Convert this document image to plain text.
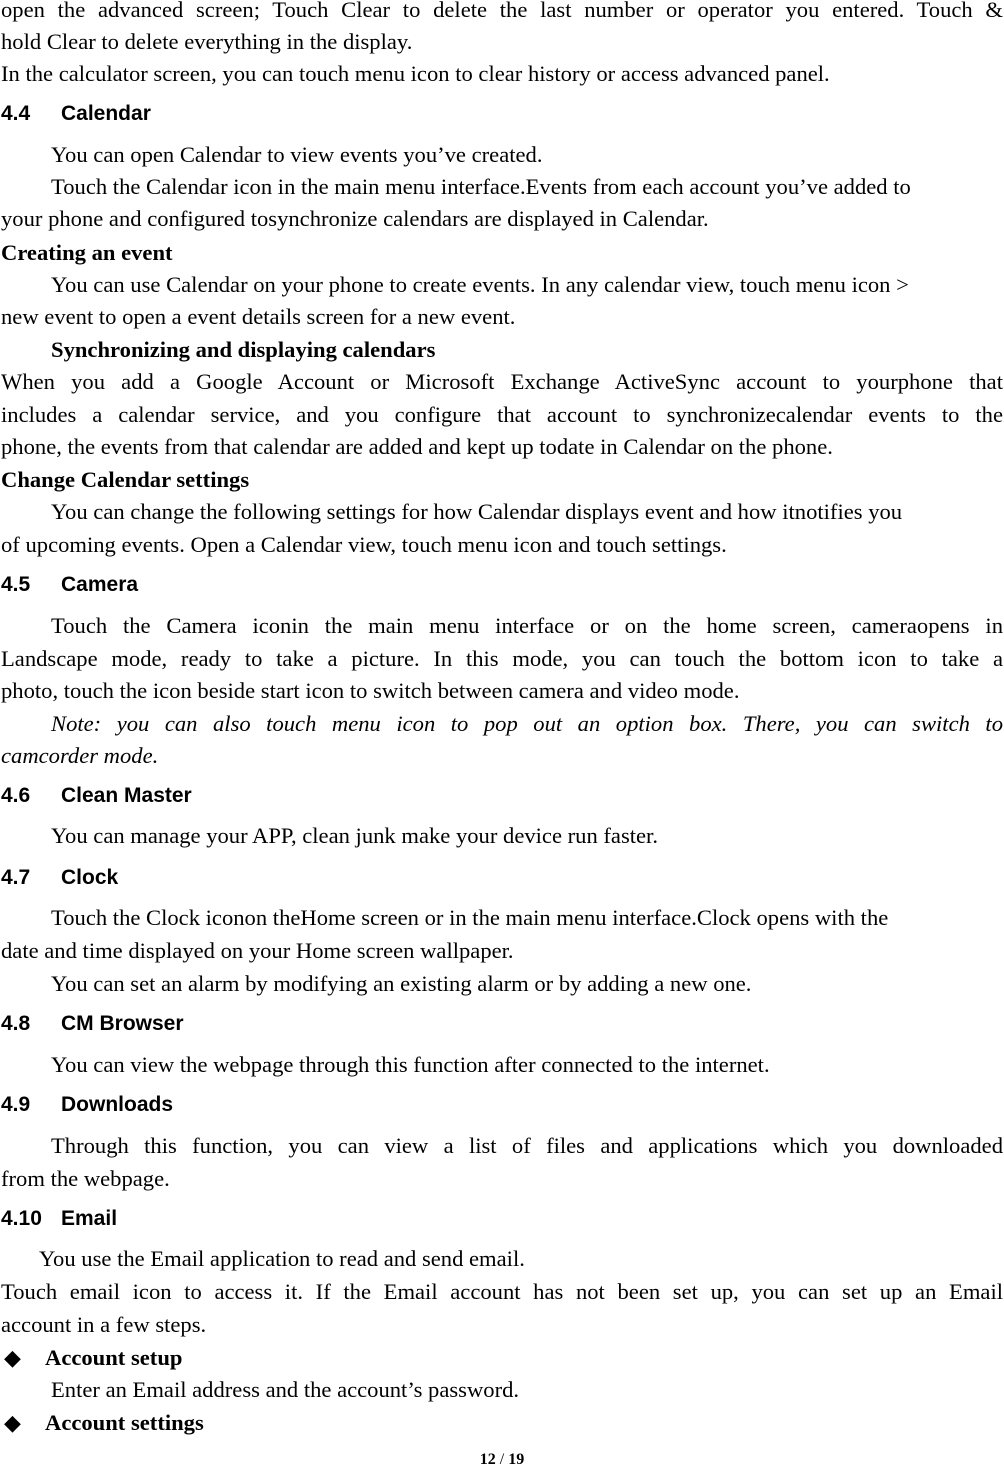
open the advanced screen; Touch Clear to delete the last number or operator you entered. Touch &
hold Clear to delete everything in the display.
In the calculator screen, you can touch menu icon to clear history or access advanced panel.
4.4 Calendar
You can open Calendar to view events you’ve created.
Touch the Calendar icon in the main menu interface.Events from each account you’ve added to
your phone and configured tosynchronize calendars are displayed in Calendar.
Creating an event
You can use Calendar on your phone to create events. In any calendar view, touch menu icon >
new event to open a event details screen for a new event.
Synchronizing and displaying calendars
When you add a Google Account or Microsoft Exchange ActiveSync account to yourphone that
includes a calendar service, and you configure that account to synchronizecalendar events to the
phone, the events from that calendar are added and kept up todate in Calendar on the phone.
Change Calendar settings
You can change the following settings for how Calendar displays event and how itnotifies you
of upcoming events. Open a Calendar view, touch menu icon and touch settings.
4.5 Camera
Touch the Camera iconin the main menu interface or on the home screen, cameraopens in
Landscape mode, ready to take a picture. In this mode, you can touch the bottom icon to take a
photo, touch the icon beside start icon to switch between camera and video mode.
Note: you can also touch menu icon to pop out an option box. There, you can switch to
camcorder mode.
4.6 Clean Master
You can manage your APP, clean junk make your device run faster.
4.7 Clock
Touch the Clock iconon theHome screen or in the main menu interface.Clock opens with the
date and time displayed on your Home screen wallpaper.
You can set an alarm by modifying an existing alarm or by adding a new one.
4.8 CM Browser
You can view the webpage through this function after connected to the internet.
4.9 Downloads
Through this function, you can view a list of files and applications which you downloaded
from the webpage.
4.10 Email
You use the Email application to read and send email.
Touch email icon to access it. If the Email account has not been set up, you can set up an Email
account in a few steps.
◆ Account setup
Enter an Email address and the account’s password.
◆ Account settings
12 / 19
